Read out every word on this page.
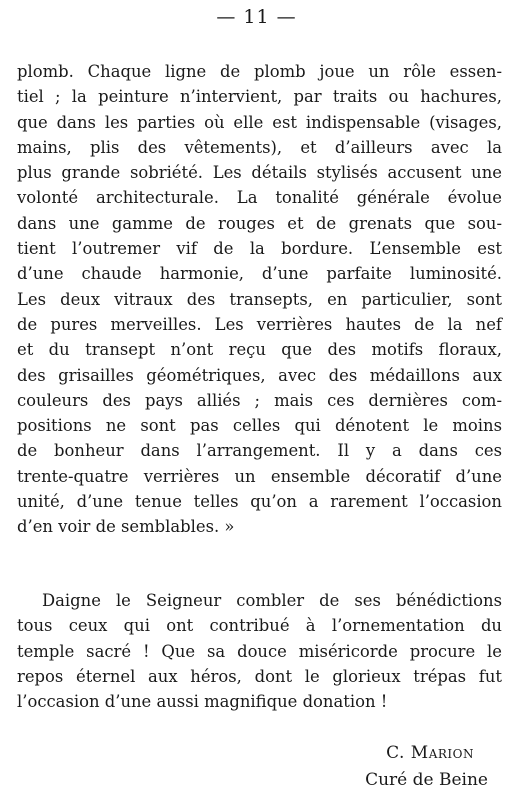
— 11 —
plomb. Chaque ligne de plomb joue un rôle essen-
tiel ; la peinture n’intervient, par traits ou hachures,
que dans les parties où elle est indispensable (visages,
mains, plis des vêtements), et d’ailleurs avec la
plus grande sobriété. Les détails stylisés accusent une
volonté architecturale. La tonalité générale évolue
dans une gamme de rouges et de grenats que sou-
tient l’outremer vif de la bordure. L’ensemble est
d’une chaude harmonie, d’une parfaite luminosité.
Les deux vitraux des transepts, en particulier, sont
de pures merveilles. Les verrières hautes de la nef
et du transept n’ont reçu que des motifs floraux,
des grisailles géométriques, avec des médaillons aux
couleurs des pays alliés ; mais ces dernières com-
positions ne sont pas celles qui dénotent le moins
de bonheur dans l’arrangement. Il y a dans ces
trente-quatre verrières un ensemble décoratif d’une
unité, d’une tenue telles qu’on a rarement l’occasion
d’en voir de semblables. »
Daigne le Seigneur combler de ses bénédictions
tous ceux qui ont contribué à l’ornementation du
temple sacré ! Que sa douce miséricorde procure le
repos éternel aux héros, dont le glorieux trépas fut
l’occasion d’une aussi magnifique donation !
C. Marion
Curé de Beine
